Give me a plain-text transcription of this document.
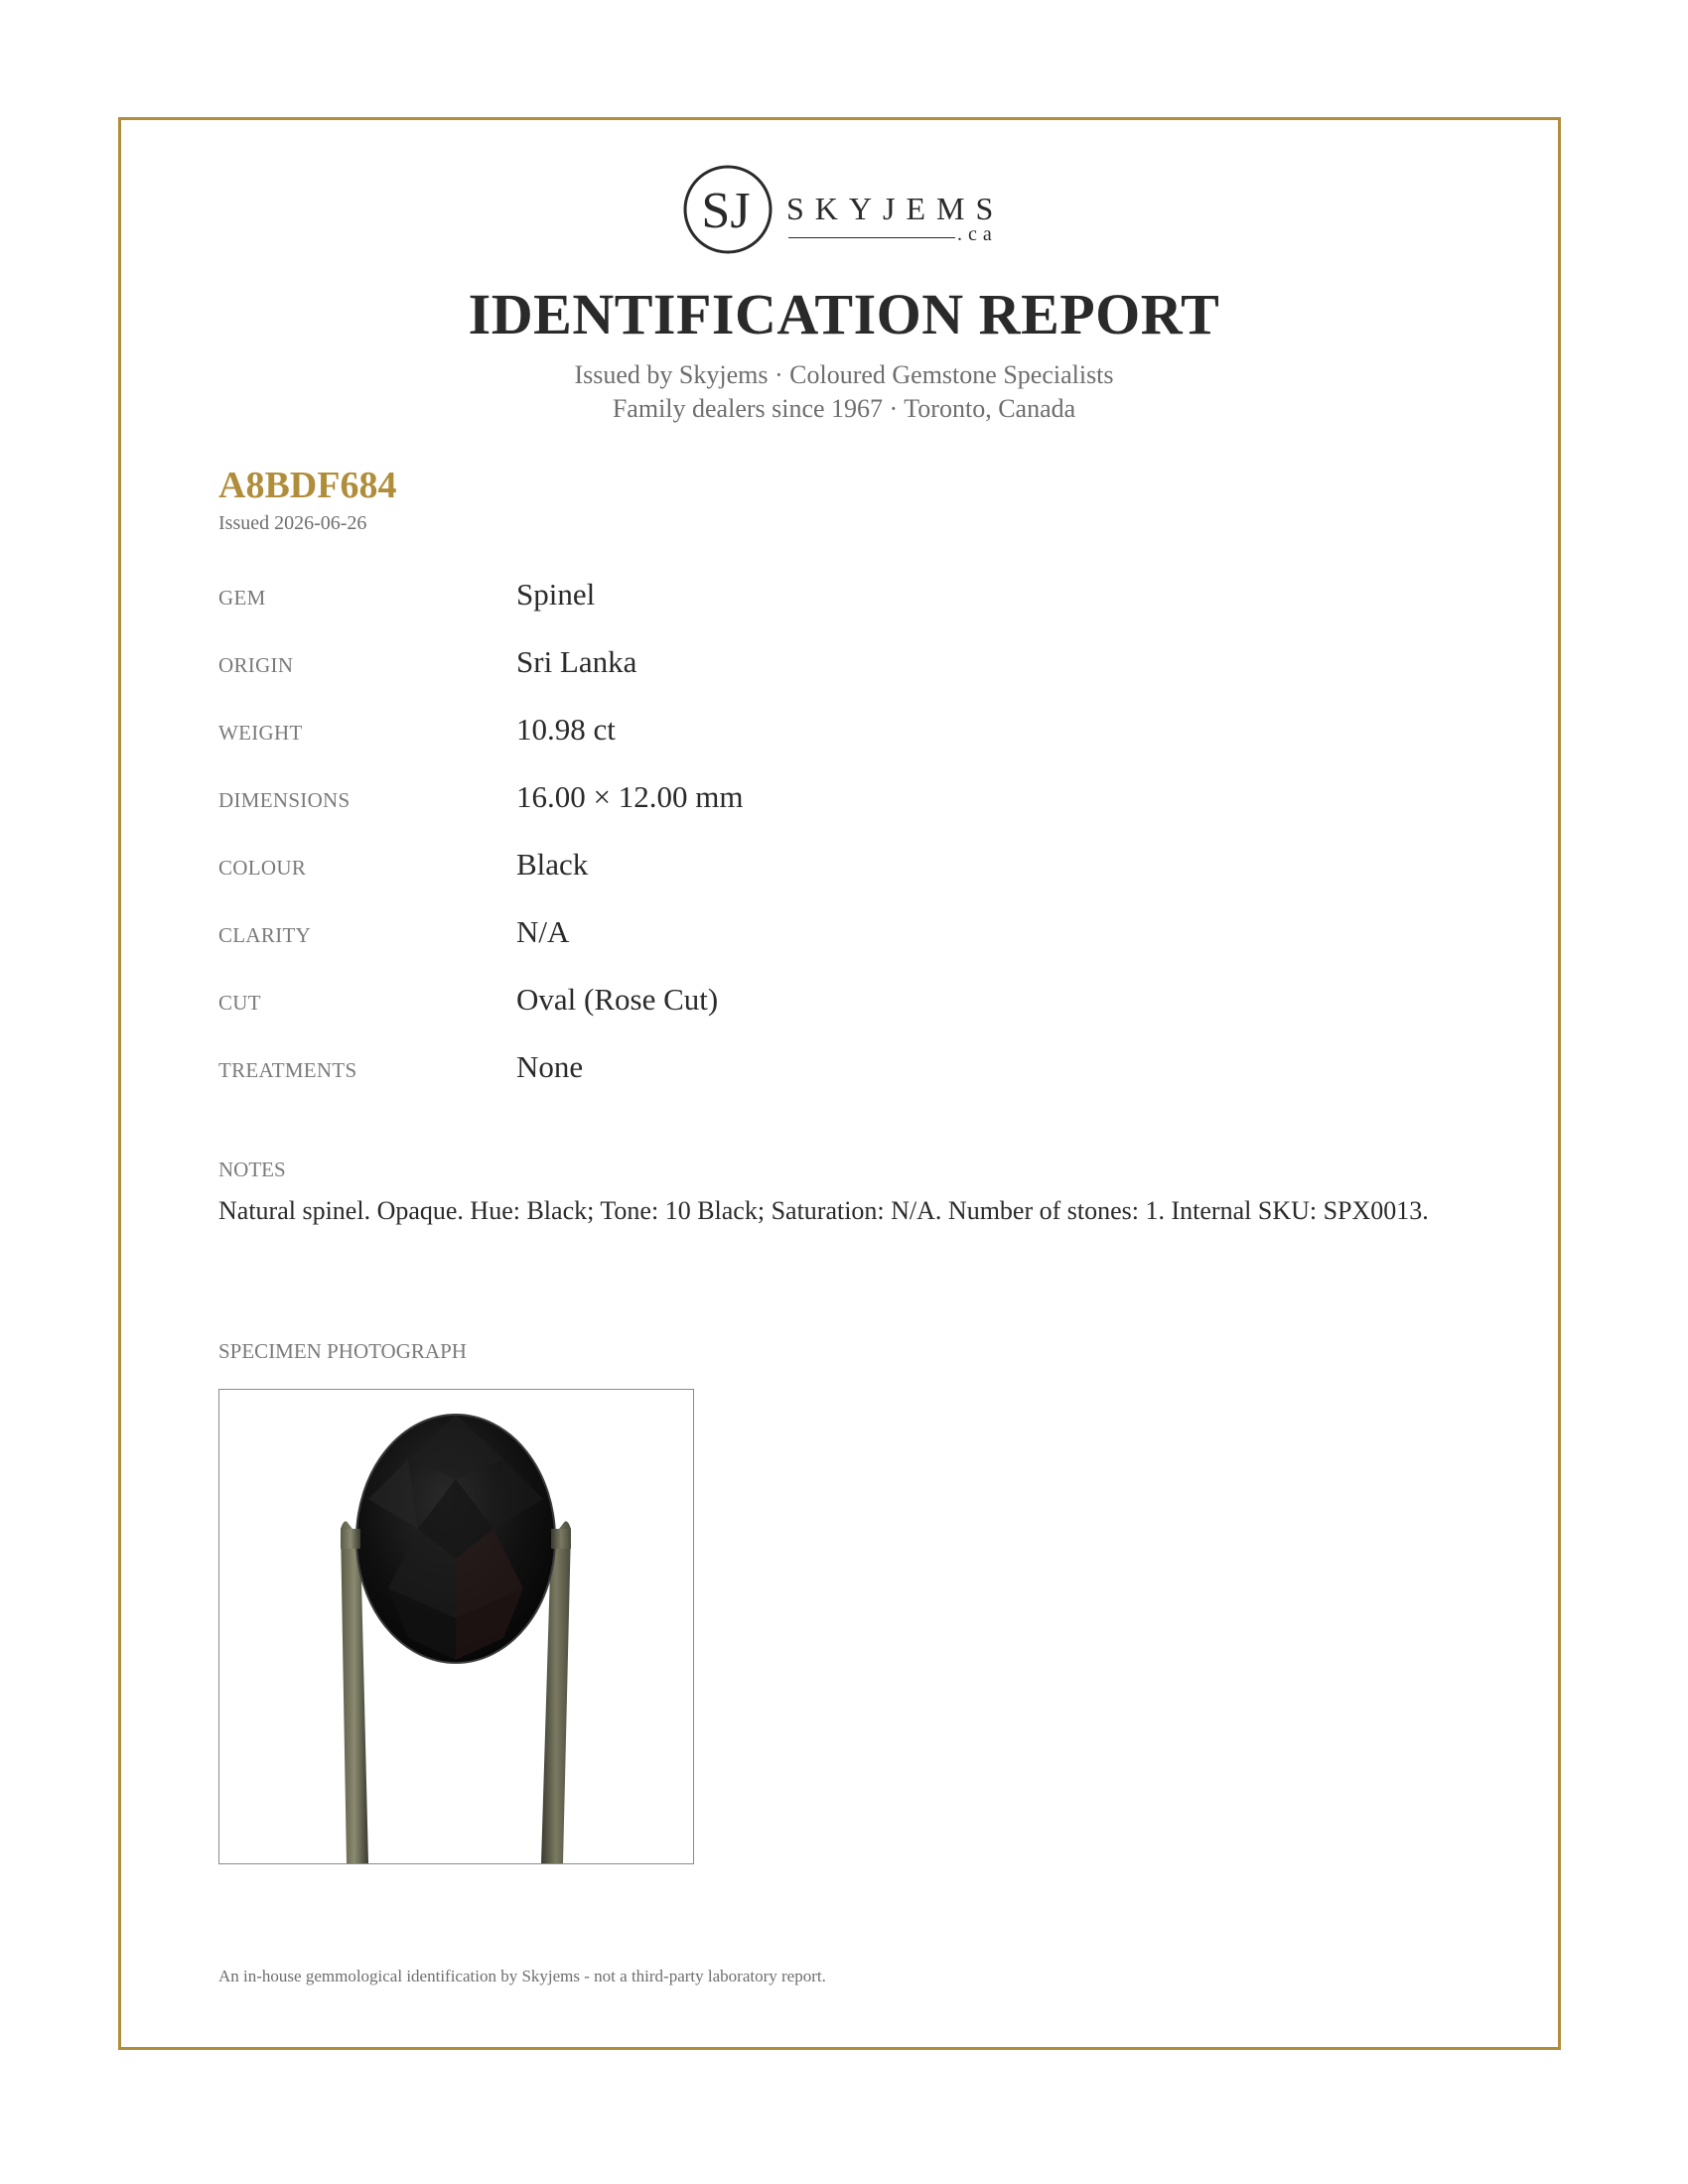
SJ SKYJEMS
.ca
IDENTIFICATION REPORT
Issued by Skyjems · Coloured Gemstone Specialists
Family dealers since 1967 · Toronto, Canada
A8BDF684
Issued 2026-06-26
GEM	Spinel
ORIGIN	Sri Lanka
WEIGHT	10.98 ct
DIMENSIONS	16.00 × 12.00 mm
COLOUR	Black
CLARITY	N/A
CUT	Oval (Rose Cut)
TREATMENTS	None
NOTES
Natural spinel. Opaque. Hue: Black; Tone: 10 Black; Saturation: N/A. Number of stones: 1. Internal SKU: SPX0013.
SPECIMEN PHOTOGRAPH
An in-house gemmological identification by Skyjems - not a third-party laboratory report.
